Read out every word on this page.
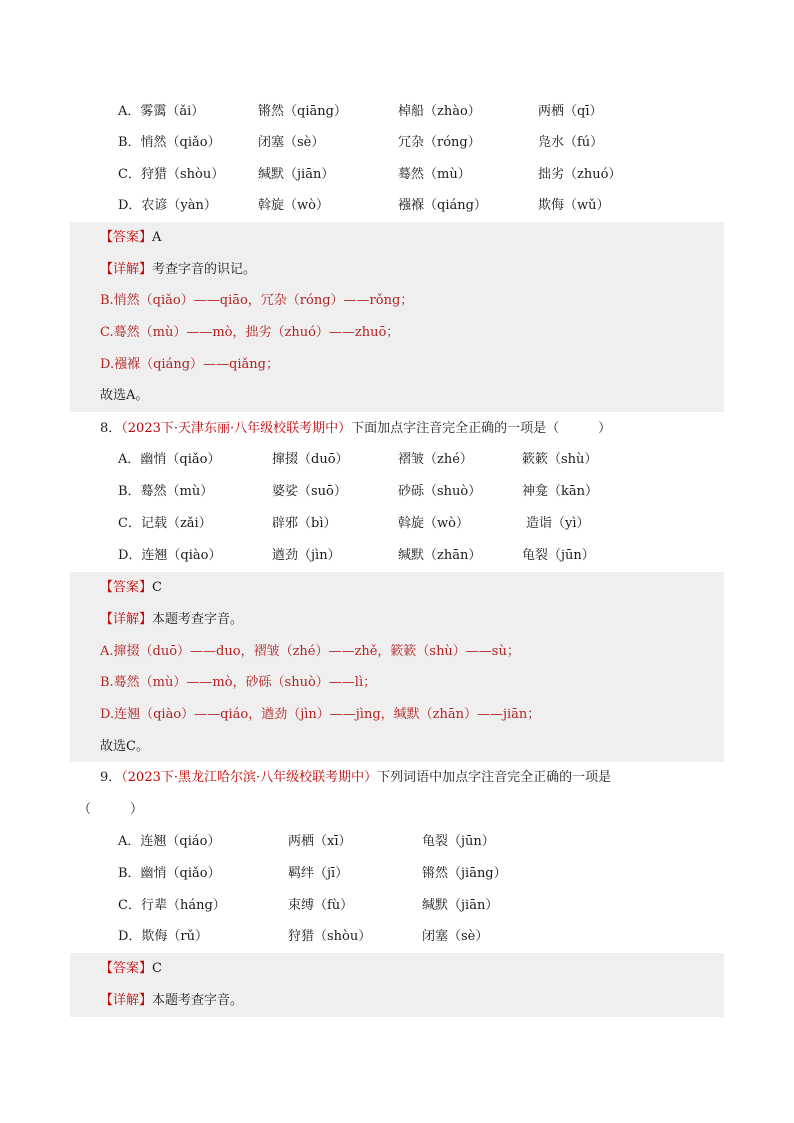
A．雾霭（ǎi）	锵然（qiāng）	棹船（zhào）	两栖（qī）
B．悄然（qiǎo）	闭塞（sè）	冗杂（róng）	凫水（fú）
C．狩猎（shòu）	缄默（jiān）	蓦然（mù）	拙劣（zhuó）
D．农谚（yàn）	斡旋（wò）	襁褓（qiáng）	欺侮（wǔ）
【答案】A
【详解】考查字音的识记。
B.悄然（qiǎo）——qiāo，冗杂（róng）——rǒng；
C.蓦然（mù）——mò，拙劣（zhuó）——zhuō；
D.襁褓（qiáng）——qiǎng；
故选A。
8．（2023下·天津东丽·八年级校联考期中）下面加点字注音完全正确的一项是（　　　）
A．幽悄（qiǎo）	撺掇（duō）	褶皱（zhé）	簌簌（shù）
B．蓦然（mù）	婆娑（suō）	砂砾（shuò）	神龛（kān）
C．记载（zǎi）	辟邪（bì）	斡旋（wò）	造诣（yì）
D．连翘（qiào）	遒劲（jìn）	缄默（zhān）	龟裂（jūn）
【答案】C
【详解】本题考查字音。
A.撺掇（duō）——duo，褶皱（zhé）——zhě，簌簌（shù）——sù；
B.蓦然（mù）——mò，砂砾（shuò）——lì；
D.连翘（qiào）——qiáo，遒劲（jìn）——jìng，缄默（zhān）——jiān；
故选C。
9．（2023下·黑龙江哈尔滨·八年级校联考期中）下列词语中加点字注音完全正确的一项是
（　　　）
A．连翘（qiáo）	两栖（xī）	龟裂（jūn）
B．幽悄（qiǎo）	羁绊（jī）	锵然（jiāng）
C．行辈（háng）	束缚（fù）	缄默（jiān）
D．欺侮（rǔ）	狩猎（shòu）	闭塞（sè）
【答案】C
【详解】本题考查字音。
